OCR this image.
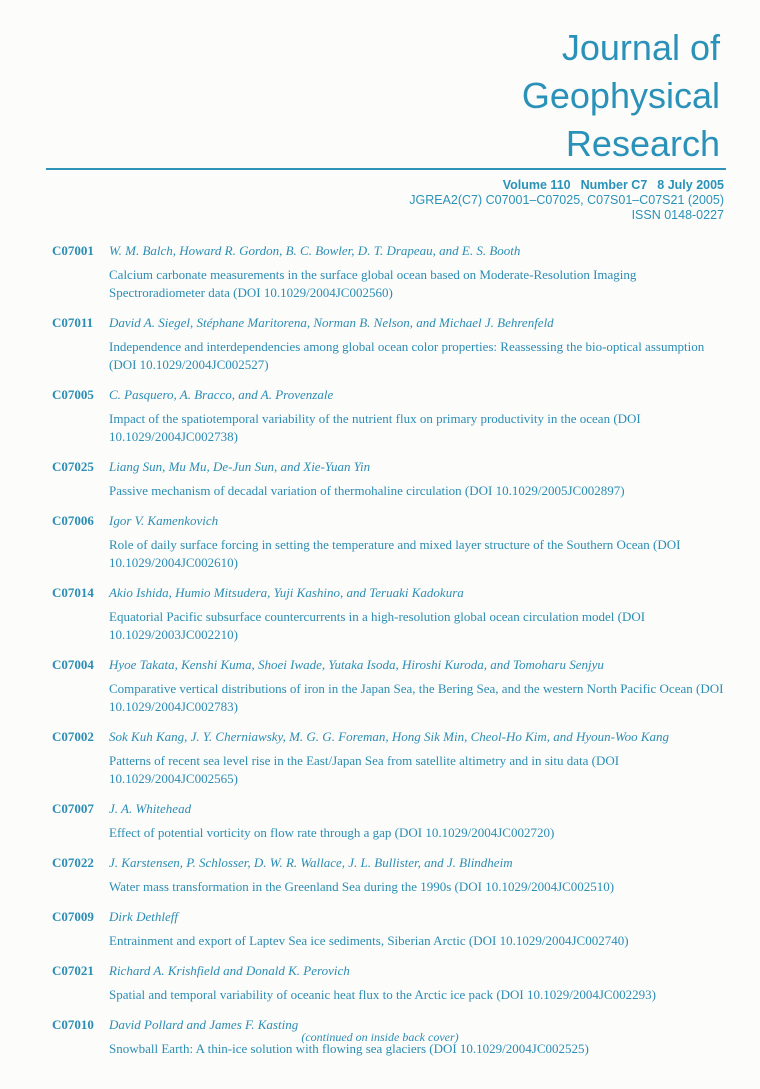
Journal of
Geophysical
Research
Volume 110 Number C7 8 July 2005
JGREA2(C7) C07001–C07025, C07S01–C07S21 (2005)
ISSN 0148-0227
C07001	W. M. Balch, Howard R. Gordon, B. C. Bowler, D. T. Drapeau, and E. S. Booth
Calcium carbonate measurements in the surface global ocean based on Moderate-Resolution Imaging Spectroradiometer data (DOI 10.1029/2004JC002560)
C07011	David A. Siegel, Stéphane Maritorena, Norman B. Nelson, and Michael J. Behrenfeld
Independence and interdependencies among global ocean color properties: Reassessing the bio-optical assumption (DOI 10.1029/2004JC002527)
C07005	C. Pasquero, A. Bracco, and A. Provenzale
Impact of the spatiotemporal variability of the nutrient flux on primary productivity in the ocean (DOI 10.1029/2004JC002738)
C07025	Liang Sun, Mu Mu, De-Jun Sun, and Xie-Yuan Yin
Passive mechanism of decadal variation of thermohaline circulation (DOI 10.1029/2005JC002897)
C07006	Igor V. Kamenkovich
Role of daily surface forcing in setting the temperature and mixed layer structure of the Southern Ocean (DOI 10.1029/2004JC002610)
C07014	Akio Ishida, Humio Mitsudera, Yuji Kashino, and Teruaki Kadokura
Equatorial Pacific subsurface countercurrents in a high-resolution global ocean circulation model (DOI 10.1029/2003JC002210)
C07004	Hyoe Takata, Kenshi Kuma, Shoei Iwade, Yutaka Isoda, Hiroshi Kuroda, and Tomoharu Senjyu
Comparative vertical distributions of iron in the Japan Sea, the Bering Sea, and the western North Pacific Ocean (DOI 10.1029/2004JC002783)
C07002	Sok Kuh Kang, J. Y. Cherniawsky, M. G. G. Foreman, Hong Sik Min, Cheol-Ho Kim, and Hyoun-Woo Kang
Patterns of recent sea level rise in the East/Japan Sea from satellite altimetry and in situ data (DOI 10.1029/2004JC002565)
C07007	J. A. Whitehead
Effect of potential vorticity on flow rate through a gap (DOI 10.1029/2004JC002720)
C07022	J. Karstensen, P. Schlosser, D. W. R. Wallace, J. L. Bullister, and J. Blindheim
Water mass transformation in the Greenland Sea during the 1990s (DOI 10.1029/2004JC002510)
C07009	Dirk Dethleff
Entrainment and export of Laptev Sea ice sediments, Siberian Arctic (DOI 10.1029/2004JC002740)
C07021	Richard A. Krishfield and Donald K. Perovich
Spatial and temporal variability of oceanic heat flux to the Arctic ice pack (DOI 10.1029/2004JC002293)
C07010	David Pollard and James F. Kasting
Snowball Earth: A thin-ice solution with flowing sea glaciers (DOI 10.1029/2004JC002525)
(continued on inside back cover)
